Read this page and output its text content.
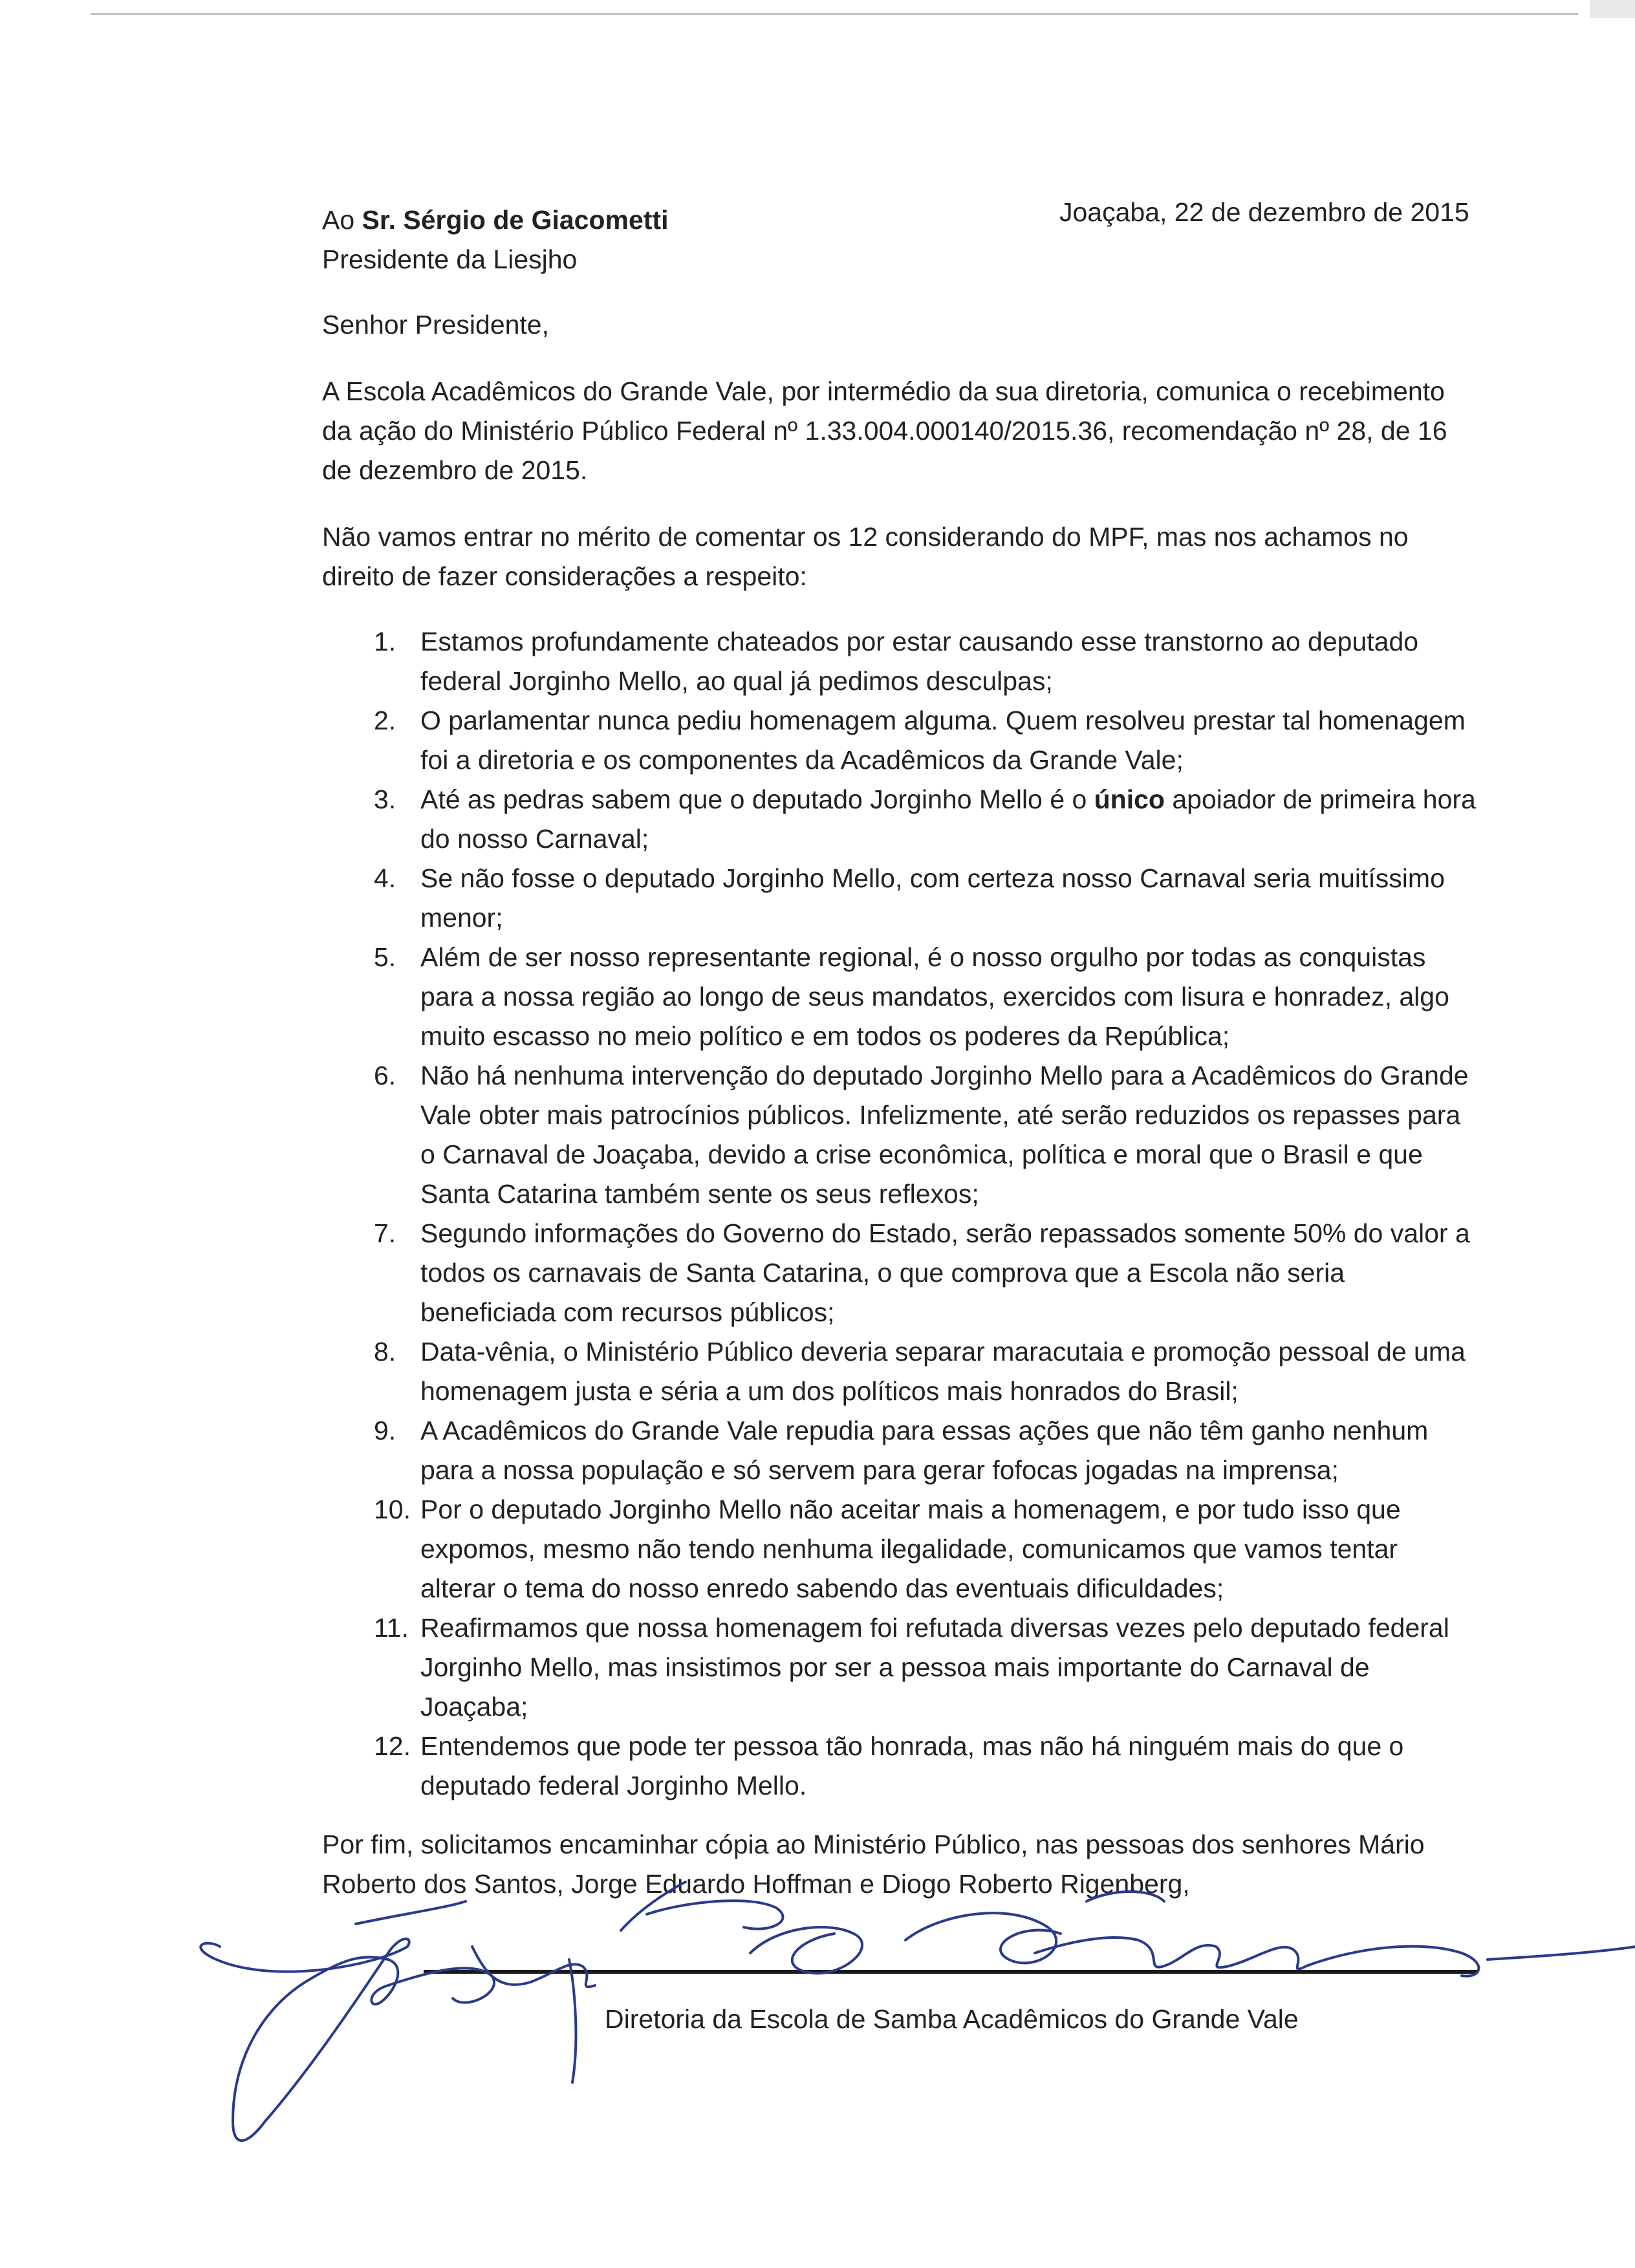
Ao Sr. Sérgio de Giacometti
Presidente da Liesjho
Joaçaba, 22 de dezembro de 2015
Senhor Presidente,
A Escola Acadêmicos do Grande Vale, por intermédio da sua diretoria, comunica o recebimento da ação do Ministério Público Federal nº 1.33.004.000140/2015.36, recomendação nº 28, de 16 de dezembro de 2015.
Não vamos entrar no mérito de comentar os 12 considerando do MPF, mas nos achamos no direito de fazer considerações a respeito:
1. Estamos profundamente chateados por estar causando esse transtorno ao deputado federal Jorginho Mello, ao qual já pedimos desculpas;
2. O parlamentar nunca pediu homenagem alguma. Quem resolveu prestar tal homenagem foi a diretoria e os componentes da Acadêmicos da Grande Vale;
3. Até as pedras sabem que o deputado Jorginho Mello é o único apoiador de primeira hora do nosso Carnaval;
4. Se não fosse o deputado Jorginho Mello, com certeza nosso Carnaval seria muitíssimo menor;
5. Além de ser nosso representante regional, é o nosso orgulho por todas as conquistas para a nossa região ao longo de seus mandatos, exercidos com lisura e honradez, algo muito escasso no meio político e em todos os poderes da República;
6. Não há nenhuma intervenção do deputado Jorginho Mello para a Acadêmicos do Grande Vale obter mais patrocínios públicos. Infelizmente, até serão reduzidos os repasses para o Carnaval de Joaçaba, devido a crise econômica, política e moral que o Brasil e que Santa Catarina também sente os seus reflexos;
7. Segundo informações do Governo do Estado, serão repassados somente 50% do valor a todos os carnavais de Santa Catarina, o que comprova que a Escola não seria beneficiada com recursos públicos;
8. Data-vênia, o Ministério Público deveria separar maracutaia e promoção pessoal de uma homenagem justa e séria a um dos políticos mais honrados do Brasil;
9. A Acadêmicos do Grande Vale repudia para essas ações que não têm ganho nenhum para a nossa população e só servem para gerar fofocas jogadas na imprensa;
10. Por o deputado Jorginho Mello não aceitar mais a homenagem, e por tudo isso que expomos, mesmo não tendo nenhuma ilegalidade, comunicamos que vamos tentar alterar o tema do nosso enredo sabendo das eventuais dificuldades;
11. Reafirmamos que nossa homenagem foi refutada diversas vezes pelo deputado federal Jorginho Mello, mas insistimos por ser a pessoa mais importante do Carnaval de Joaçaba;
12. Entendemos que pode ter pessoa tão honrada, mas não há ninguém mais do que o deputado federal Jorginho Mello.
Por fim, solicitamos encaminhar cópia ao Ministério Público, nas pessoas dos senhores Mário Roberto dos Santos, Jorge Eduardo Hoffman e Diogo Roberto Rigenberg,
Diretoria da Escola de Samba Acadêmicos do Grande Vale
